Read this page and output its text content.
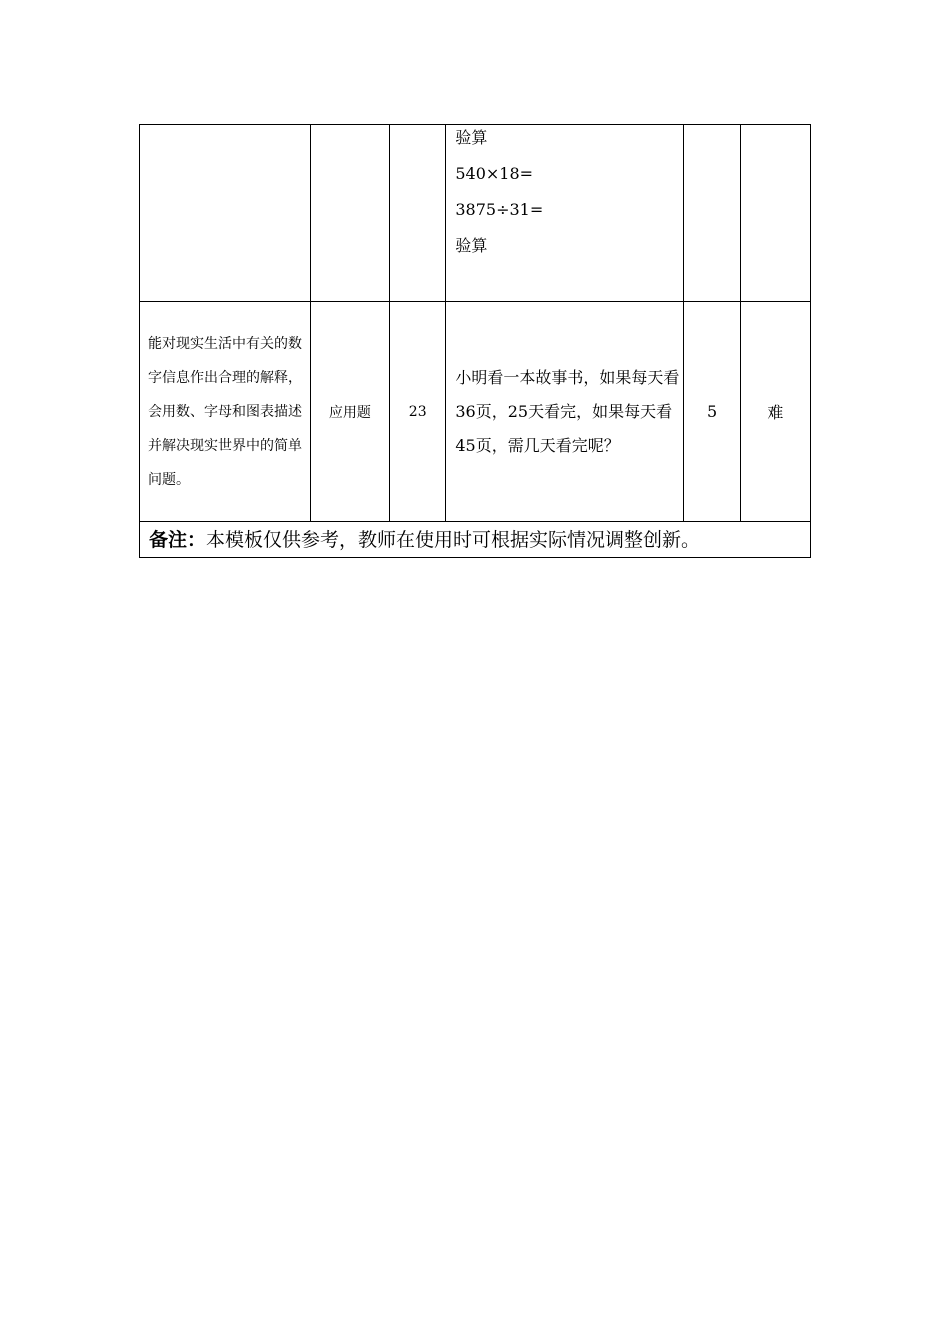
			验算
540×18=
3875÷31=
验算		

能对现实生活中有关的数字信息作出合理的解释，会用数、字母和图表描述并解决现实世界中的简单问题。	应用题	23	小明看一本故事书，如果每天看36页，25天看完，如果每天看45页，需几天看完呢？	5	难
备注：本模板仅供参考，教师在使用时可根据实际情况调整创新。					
